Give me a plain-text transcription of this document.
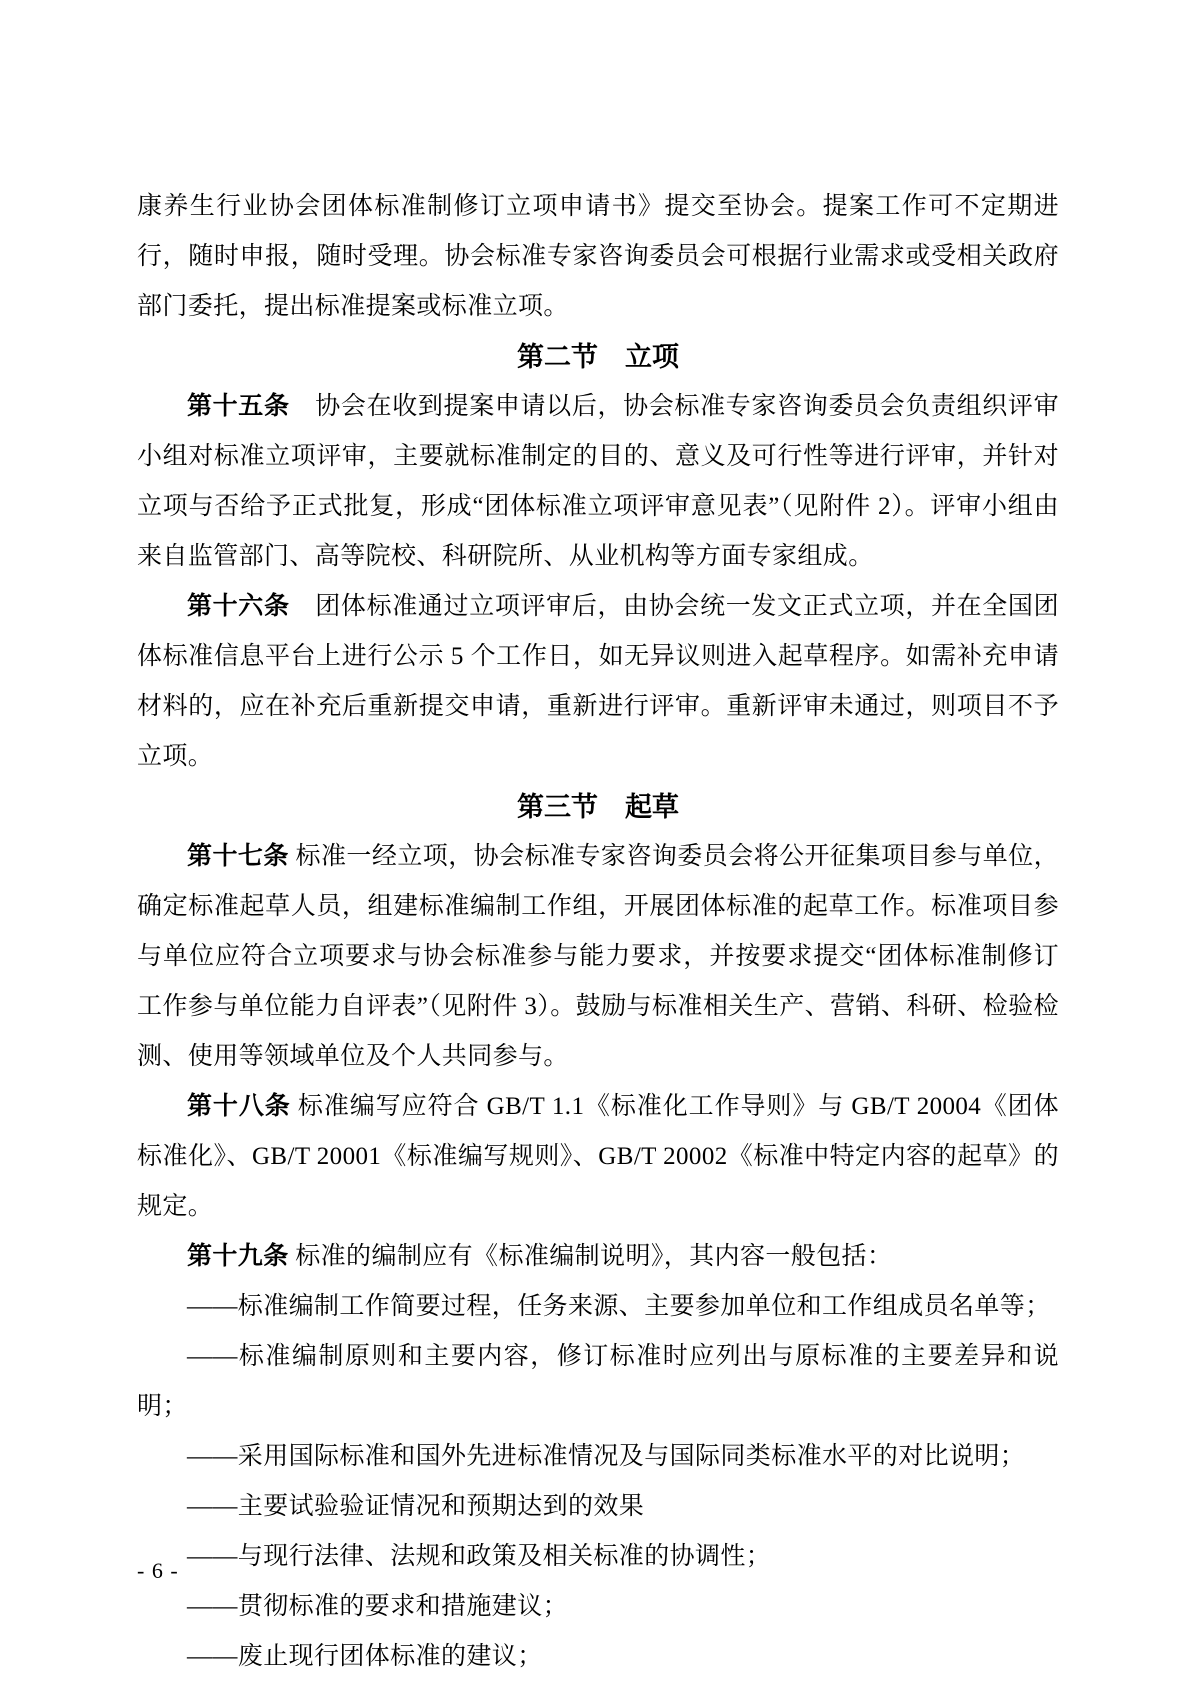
康养生行业协会团体标准制修订立项申请书》提交至协会。提案工作可不定期进行，随时申报，随时受理。协会标准专家咨询委员会可根据行业需求或受相关政府部门委托，提出标准提案或标准立项。

第二节　立项

第十五条　协会在收到提案申请以后，协会标准专家咨询委员会负责组织评审小组对标准立项评审，主要就标准制定的目的、意义及可行性等进行评审，并针对立项与否给予正式批复，形成“团体标准立项评审意见表”（见附件 2）。评审小组由来自监管部门、高等院校、科研院所、从业机构等方面专家组成。

第十六条　团体标准通过立项评审后，由协会统一发文正式立项，并在全国团体标准信息平台上进行公示 5 个工作日，如无异议则进入起草程序。如需补充申请材料的，应在补充后重新提交申请，重新进行评审。重新评审未通过，则项目不予立项。

第三节　起草

第十七条 标准一经立项，协会标准专家咨询委员会将公开征集项目参与单位，确定标准起草人员，组建标准编制工作组，开展团体标准的起草工作。标准项目参与单位应符合立项要求与协会标准参与能力要求，并按要求提交“团体标准制修订工作参与单位能力自评表”（见附件 3）。鼓励与标准相关生产、营销、科研、检验检测、使用等领域单位及个人共同参与。

第十八条 标准编写应符合 GB/T 1.1《标准化工作导则》与 GB/T 20004《团体标准化》、GB/T 20001《标准编写规则》、GB/T 20002《标准中特定内容的起草》的规定。

第十九条 标准的编制应有《标准编制说明》，其内容一般包括：

——标准编制工作简要过程，任务来源、主要参加单位和工作组成员名单等；

——标准编制原则和主要内容，修订标准时应列出与原标准的主要差异和说明；

——采用国际标准和国外先进标准情况及与国际同类标准水平的对比说明；

——主要试验验证情况和预期达到的效果

——与现行法律、法规和政策及相关标准的协调性；

——贯彻标准的要求和措施建议；

——废止现行团体标准的建议；

- 6 -
